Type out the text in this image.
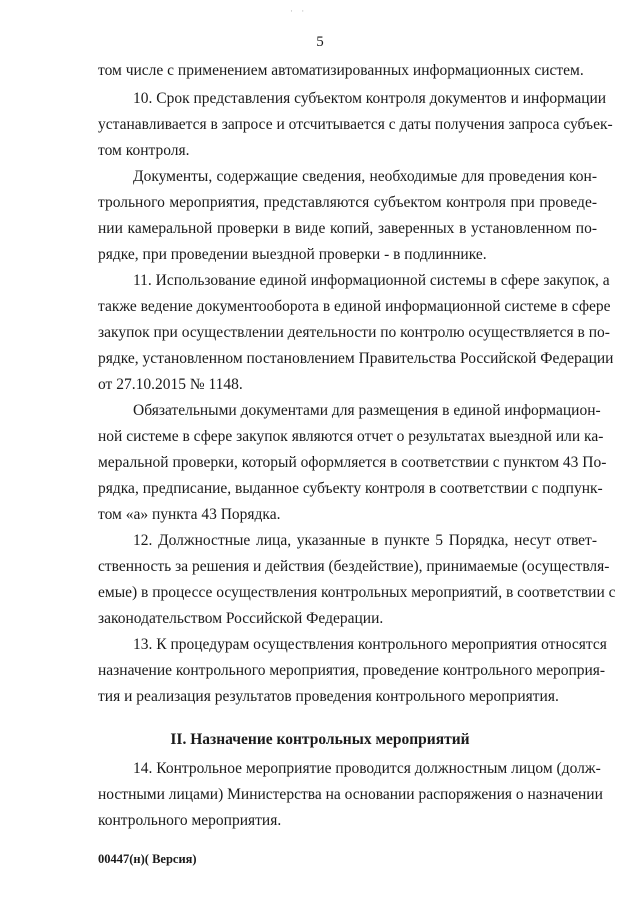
· ·
5
том числе с применением автоматизированных информационных систем.
10. Срок представления субъектом контроля документов и информации
устанавливается в запросе и отсчитывается с даты получения запроса субъек-
том контроля.
Документы, содержащие сведения, необходимые для проведения кон-
трольного мероприятия, представляются субъектом контроля при проведе-
нии камеральной проверки в виде копий, заверенных в установленном по-
рядке, при проведении выездной проверки - в подлиннике.
11. Использование единой информационной системы в сфере закупок, а
также ведение документооборота в единой информационной системе в сфере
закупок при осуществлении деятельности по контролю осуществляется в по-
рядке, установленном постановлением Правительства Российской Федерации
от 27.10.2015 № 1148.
Обязательными документами для размещения в единой информацион-
ной системе в сфере закупок являются отчет о результатах выездной или ка-
меральной проверки, который оформляется в соответствии с пунктом 43 По-
рядка, предписание, выданное субъекту контроля в соответствии с подпунк-
том «а» пункта 43 Порядка.
12. Должностные лица, указанные в пункте 5 Порядка, несут ответ-
ственность за решения и действия (бездействие), принимаемые (осуществля-
емые) в процессе осуществления контрольных мероприятий, в соответствии с
законодательством Российской Федерации.
13. К процедурам осуществления контрольного мероприятия относятся
назначение контрольного мероприятия, проведение контрольного мероприя-
тия и реализация результатов проведения контрольного мероприятия.
II. Назначение контрольных мероприятий
14. Контрольное мероприятие проводится должностным лицом (долж-
ностными лицами) Министерства на основании распоряжения о назначении
контрольного мероприятия.
00447(н)( Версия)
